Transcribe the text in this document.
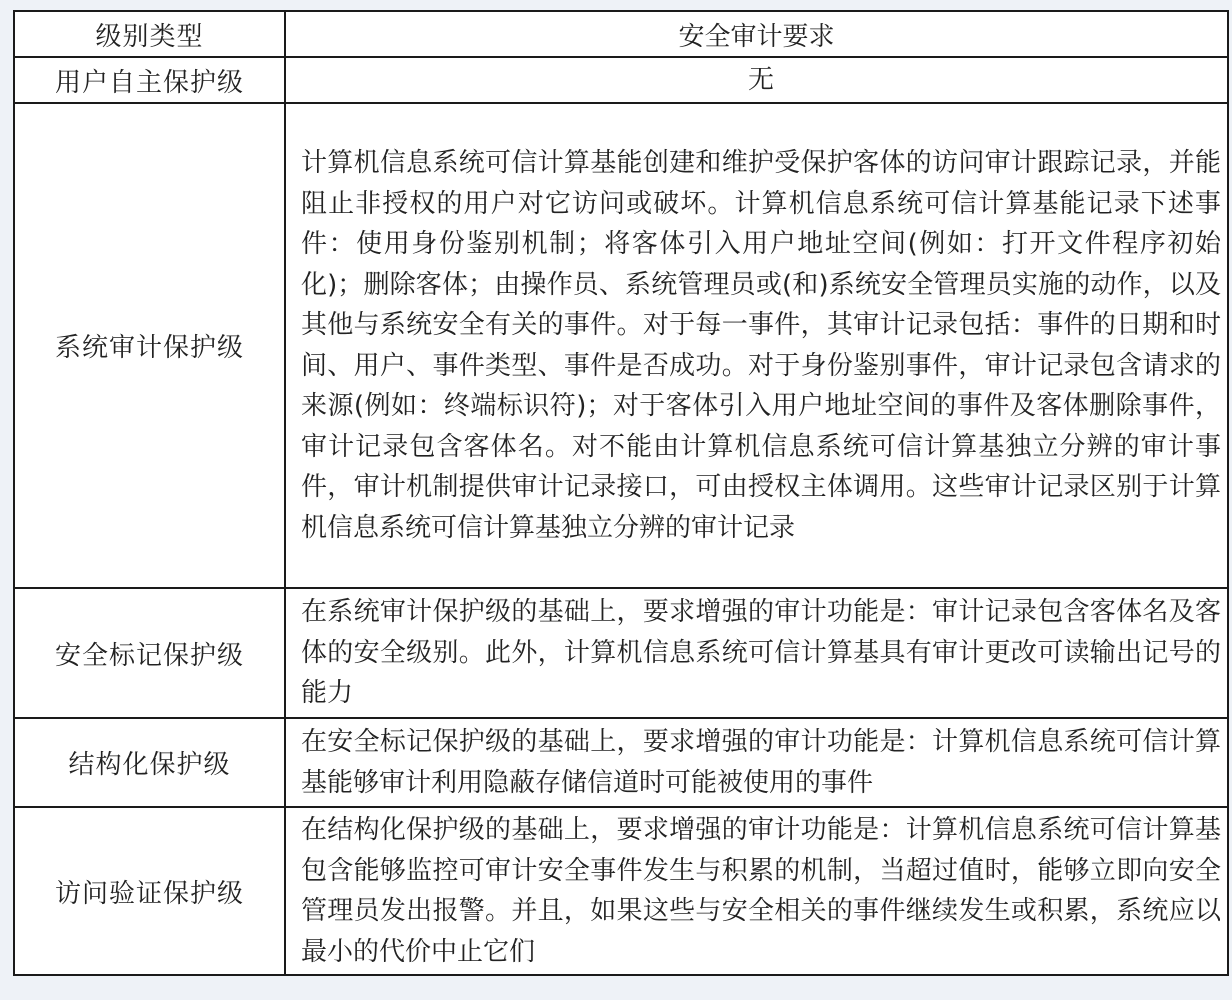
级别类型	安全审计要求
用户自主保护级	无
系统审计保护级	计算机信息系统可信计算基能创建和维护受保护客体的访问审计跟踪记录，并能阻止非授权的用户对它访问或破坏。计算机信息系统可信计算基能记录下述事件：使用身份鉴别机制；将客体引入用户地址空间(例如：打开文件程序初始化)；删除客体；由操作员、系统管理员或(和)系统安全管理员实施的动作，以及其他与系统安全有关的事件。对于每一事件，其审计记录包括：事件的日期和时间、用户、事件类型、事件是否成功。对于身份鉴别事件，审计记录包含请求的来源(例如：终端标识符)；对于客体引入用户地址空间的事件及客体删除事件，审计记录包含客体名。对不能由计算机信息系统可信计算基独立分辨的审计事件，审计机制提供审计记录接口，可由授权主体调用。这些审计记录区别于计算机信息系统可信计算基独立分辨的审计记录
安全标记保护级	在系统审计保护级的基础上，要求增强的审计功能是：审计记录包含客体名及客体的安全级别。此外，计算机信息系统可信计算基具有审计更改可读输出记号的能力
结构化保护级	在安全标记保护级的基础上，要求增强的审计功能是：计算机信息系统可信计算基能够审计利用隐蔽存储信道时可能被使用的事件
访问验证保护级	在结构化保护级的基础上，要求增强的审计功能是：计算机信息系统可信计算基包含能够监控可审计安全事件发生与积累的机制，当超过值时，能够立即向安全管理员发出报警。并且，如果这些与安全相关的事件继续发生或积累，系统应以最小的代价中止它们
